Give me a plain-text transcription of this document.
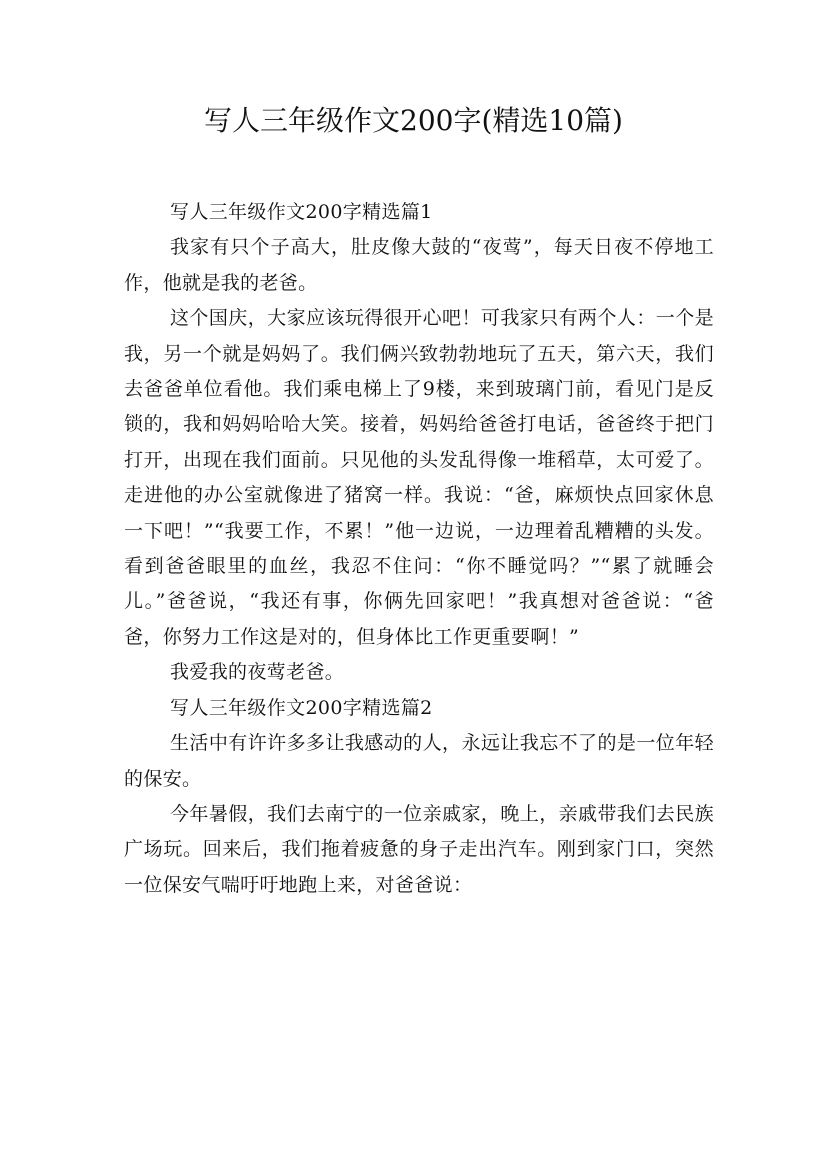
写人三年级作文200字(精选10篇)

写人三年级作文200字精选篇1

我家有只个子高大，肚皮像大鼓的“夜莺”，每天日夜不停地工作，他就是我的老爸。

这个国庆，大家应该玩得很开心吧！可我家只有两个人：一个是我，另一个就是妈妈了。我们俩兴致勃勃地玩了五天，第六天，我们去爸爸单位看他。我们乘电梯上了9楼，来到玻璃门前，看见门是反锁的，我和妈妈哈哈大笑。接着，妈妈给爸爸打电话，爸爸终于把门打开，出现在我们面前。只见他的头发乱得像一堆稻草，太可爱了。走进他的办公室就像进了猪窝一样。我说：“爸，麻烦快点回家休息一下吧！”“我要工作，不累！”他一边说，一边理着乱糟糟的头发。看到爸爸眼里的血丝，我忍不住问：“你不睡觉吗？”“累了就睡会儿。”爸爸说，“我还有事，你俩先回家吧！”我真想对爸爸说：“爸爸，你努力工作这是对的，但身体比工作更重要啊！”

我爱我的夜莺老爸。

写人三年级作文200字精选篇2

生活中有许许多多让我感动的人，永远让我忘不了的是一位年轻的保安。

今年暑假，我们去南宁的一位亲戚家，晚上，亲戚带我们去民族广场玩。回来后，我们拖着疲惫的身子走出汽车。刚到家门口，突然一位保安气喘吁吁地跑上来，对爸爸说：
